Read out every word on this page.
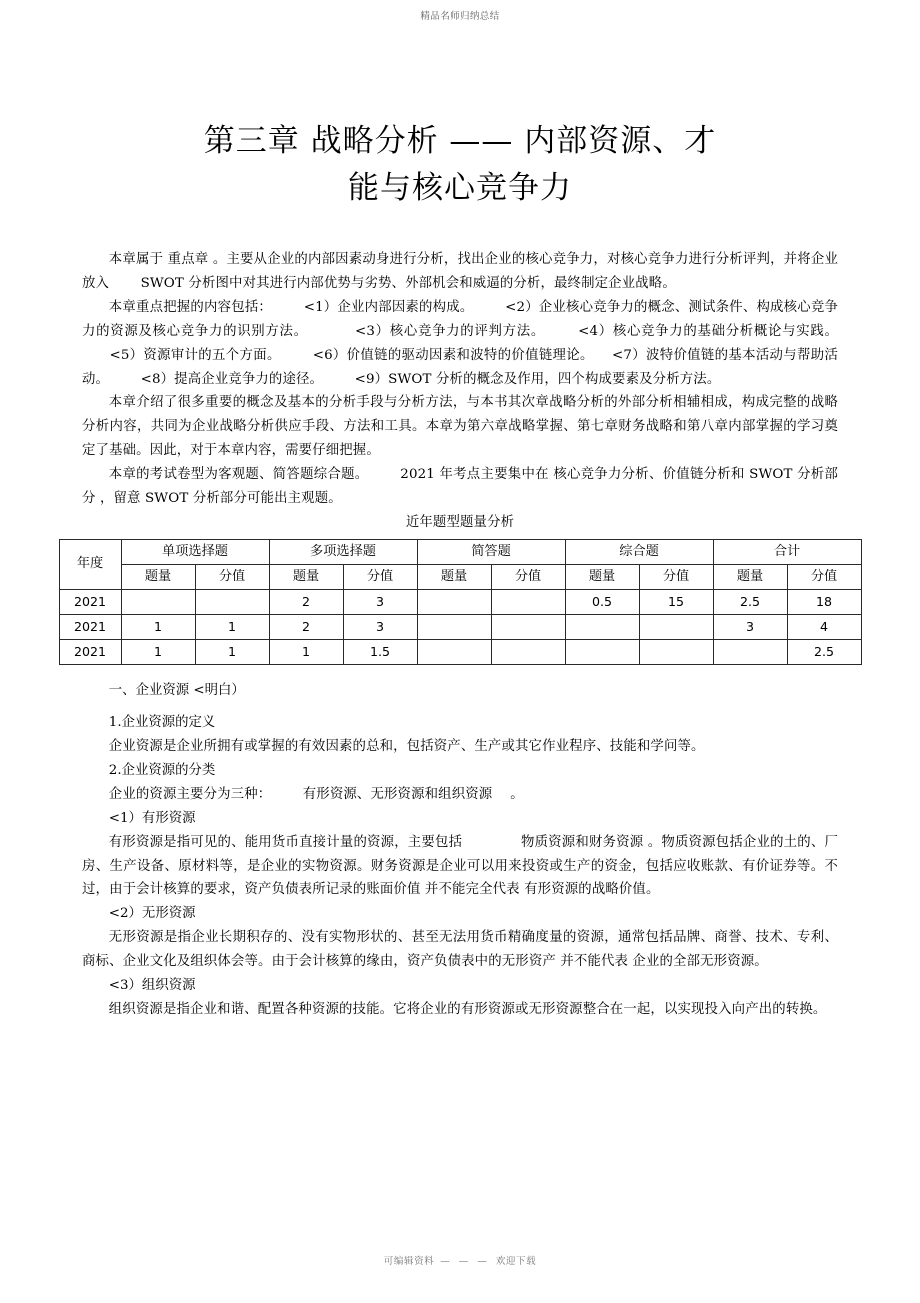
精品名师归纳总结
第三章 战略分析 —— 内部资源、才
能与核心竞争力

本章属于 重点章 。主要从企业的内部因素动身进行分析，找出企业的核心竞争力，对核心竞争力进行分析评判，并将企业放入 　　SWOT 分析图中对其进行内部优势与劣势、外部机会和威逼的分析，最终制定企业战略。

本章重点把握的内容包括： 　　<1）企业内部因素的构成。 　　<2）企业核心竞争力的概念、测试条件、构成核心竞争力的资源及核心竞争力的识别方法。 　　　<3）核心竞争力的评判方法。 　　<4）核心竞争力的基础分析概论与实践。 　　<5）资源审计的五个方面。 　　<6）价值链的驱动因素和波特的价值链理论。 　<7）波特价值链的基本活动与帮助活动。 　　<8）提高企业竞争力的途径。 　　<9）SWOT 分析的概念及作用，四个构成要素及分析方法。

本章介绍了很多重要的概念及基本的分析手段与分析方法，与本书其次章战略分析的外部分析相辅相成，构成完整的战略分析内容，共同为企业战略分析供应手段、方法和工具。本章为第六章战略掌握、第七章财务战略和第八章内部掌握的学习奠定了基础。因此，对于本章内容，需要仔细把握。

本章的考试卷型为客观题、简答题综合题。 　　2021 年考点主要集中在 核心竞争力分析、价值链分析和 SWOT 分析部分 ，留意 SWOT 分析部分可能出主观题。

近年题型题量分析

年度	单项选择题		多项选择题		简答题		综合题		合计	
	题量	分值	题量	分值	题量	分值	题量	分值	题量	分值
2021			2	3			0.5	15	2.5	18
2021	1	1	2	3					3	4
2021	1	1	1	1.5						2.5

一、企业资源 <明白）

1.企业资源的定义

企业资源是企业所拥有或掌握的有效因素的总和，包括资产、生产或其它作业程序、技能和学问等。

2.企业资源的分类

企业的资源主要分为三种： 　　有形资源、无形资源和组织资源 　。

<1）有形资源

有形资源是指可见的、能用货币直接计量的资源，主要包括 　　　　物质资源和财务资源 。物质资源包括企业的土的、厂房、生产设备、原材料等，是企业的实物资源。财务资源是企业可以用来投资或生产的资金，包括应收账款、有价证券等。不过，由于会计核算的要求，资产负债表所记录的账面价值 并不能完全代表 有形资源的战略价值。

<2）无形资源

无形资源是指企业长期积存的、没有实物形状的、甚至无法用货币精确度量的资源，通常包括品牌、商誉、技术、专利、商标、企业文化及组织体会等。由于会计核算的缘由，资产负债表中的无形资产 并不能代表 企业的全部无形资源。

<3）组织资源

组织资源是指企业和谐、配置各种资源的技能。它将企业的有形资源或无形资源整合在一起，以实现投入向产出的转换。

可编辑资料 — — — 欢迎下载
